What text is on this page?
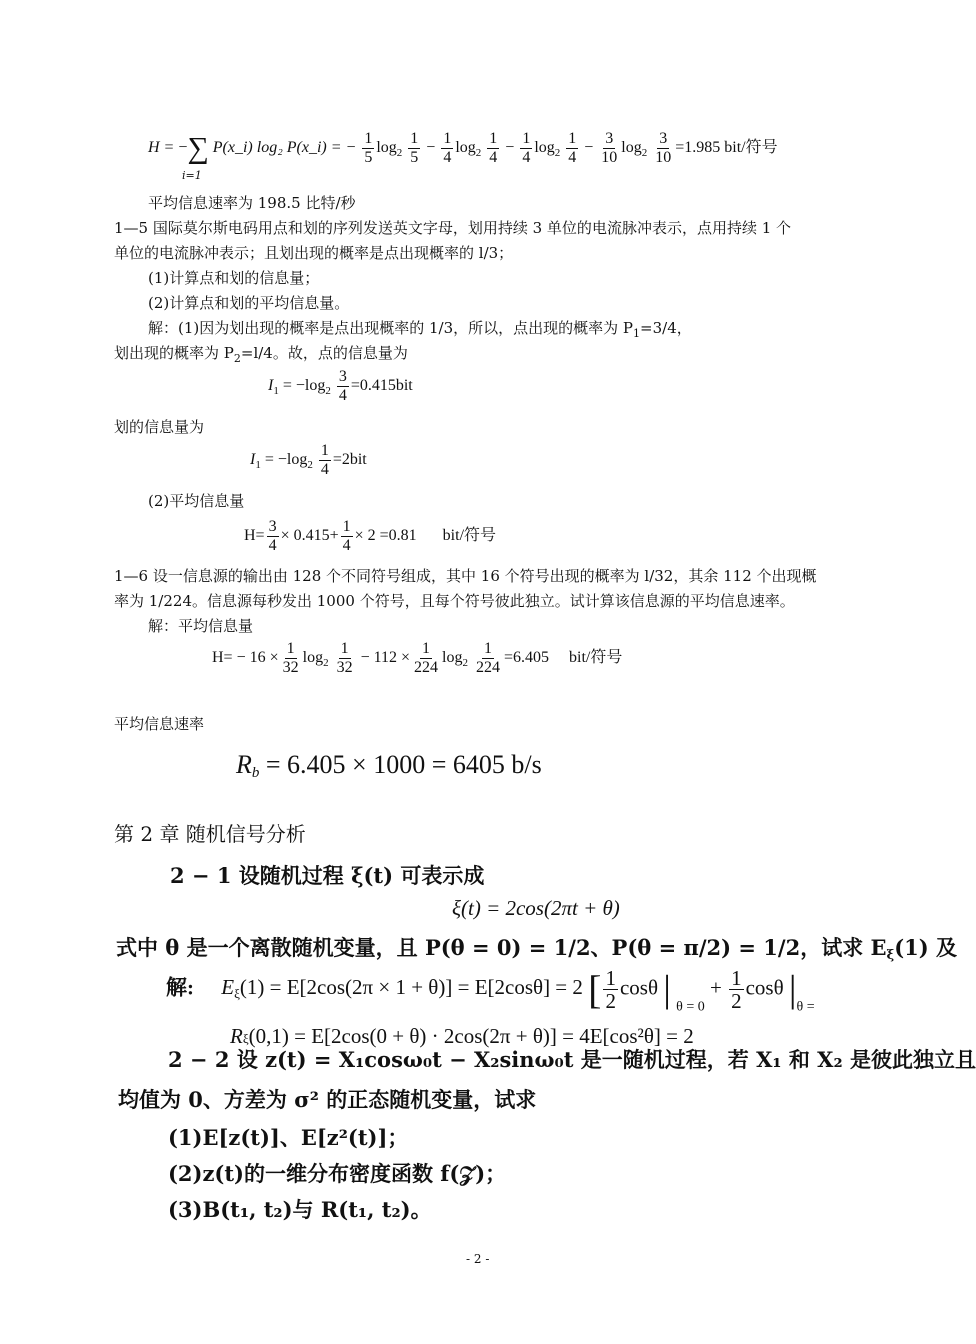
H = −∑ P(x_i) log₂ P(x_i) = − $\frac{1}{5} \log_2 \frac{1}{5} - \frac{1}{4} \log_2 \frac{1}{4} - \frac{1}{4} \log_2 \frac{1}{4} - \frac{3}{10} \log_2 \frac{3}{10} =1.985$ bit/符号
i=1
平均信息速率为 198.5 比特/秒
1—5 国际莫尔斯电码用点和划的序列发送英文字母，划用持续 3 单位的电流脉冲表示，点用持续 1 个
单位的电流脉冲表示；且划出现的概率是点出现概率的 l/3；
(1)计算点和划的信息量；
(2)计算点和划的平均信息量。
解：(1)因为划出现的概率是点出现概率的 1/3，所以，点出现的概率为 $P_1=3/4$，
划出现的概率为 $P_2=l/4$。故，点的信息量为
$I_1 = -\log_2 \frac{3}{4} =0.415bit$
划的信息量为
$I_1 = -\log_2 \frac{1}{4} =2bit$
(2)平均信息量
$H= \frac{3}{4} \times 0.415+ \frac{1}{4} \times 2 =0.81$ bit/符号
1—6 设一信息源的输出由 128 个不同符号组成，其中 16 个符号出现的概率为 l/32，其余 112 个出现概
率为 1/224。信息源每秒发出 1000 个符号，且每个符号彼此独立。试计算该信息源的平均信息速率。
解：平均信息量
$H= - 16 \times \frac{1}{32} \log_2 \frac{1}{32} - 112 \times \frac{1}{224} \log_2 \frac{1}{224} =6.405$ bit/符号
平均信息速率
Rb = 6.405 × 1000 = 6405 b/s
第 2 章 随机信号分析
2 − 1 设随机过程 ξ(t) 可表示成
ξ(t) = 2cos(2πt + θ)
式中 θ 是一个离散随机变量，且 P(θ = 0) = 1/2、P(θ = π/2) = 1/2，试求 Eξ(1) 及
解: Eξ(1) = E[2cos(2π × 1 + θ)] = E[2cosθ] = 2 [ $\frac{1}{2}$ cosθ | $_{\theta = 0} + \frac{1}{2}$ cosθ $|_{\theta =}$
Rξ(0,1) = E[2cos(0 + θ) · 2cos(2π + θ)] = 4E[cos²θ] = 2
2 − 2 设 z(t) = X₁cosω₀t − X₂sinω₀t 是一随机过程，若 X₁ 和 X₂ 是彼此独立且
均值为 0、方差为 σ² 的正态随机变量，试求
(1)E[z(t)]、E[z²(t)]；
(2)z(t)的一维分布密度函数 f(𝒵)；
(3)B(t₁, t₂)与 R(t₁, t₂)。
- 2 -
